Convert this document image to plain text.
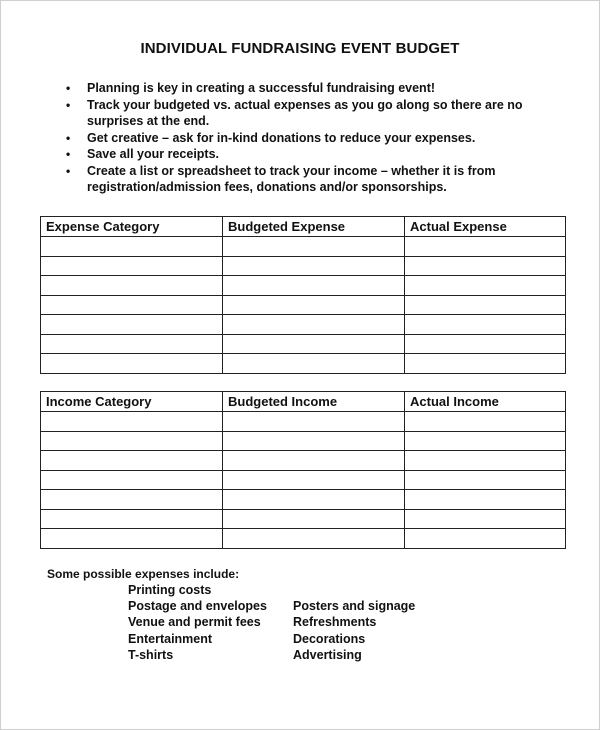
INDIVIDUAL FUNDRAISING EVENT BUDGET
• Planning is key in creating a successful fundraising event!
• Track your budgeted vs. actual expenses as you go along so there are no surprises at the end.
• Get creative – ask for in-kind donations to reduce your expenses.
• Save all your receipts.
• Create a list or spreadsheet to track your income – whether it is from registration/admission fees, donations and/or sponsorships.
Expense Category	Budgeted Expense	Actual Expense

Income Category	Budgeted Income	Actual Income

Some possible expenses include:
Printing costs
Postage and envelopes
Venue and permit fees
Entertainment
T-shirts

Posters and signage
Refreshments
Decorations
Advertising
